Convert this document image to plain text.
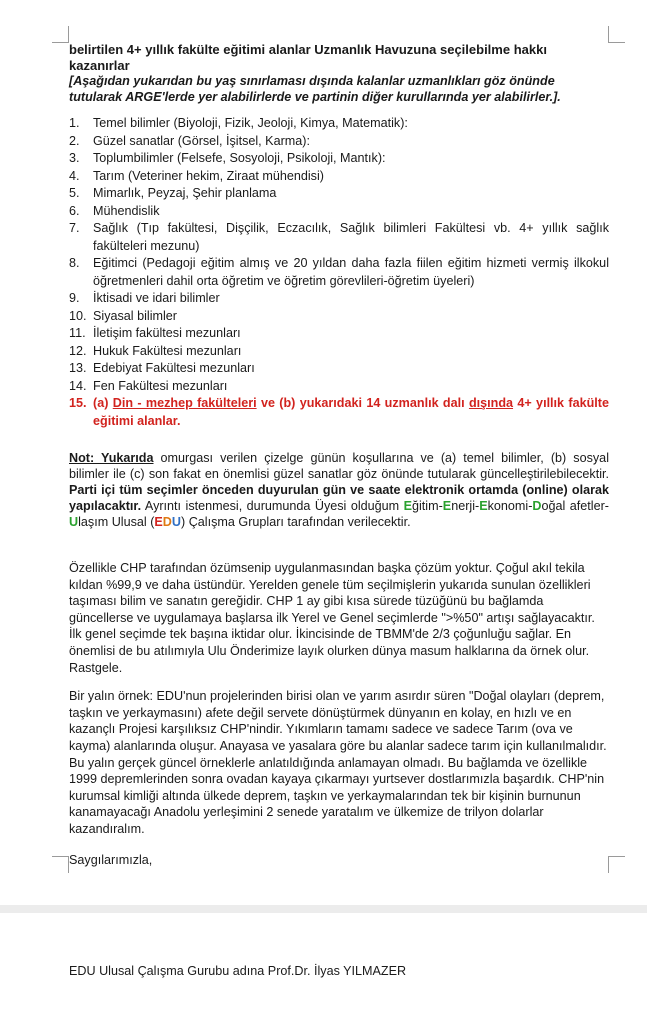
belirtilen 4+ yıllık fakülte eğitimi alanlar Uzmanlık Havuzuna seçilebilme hakkı kazanırlar

[Aşağıdan yukarıdan bu yaş sınırlaması dışında kalanlar uzmanlıkları göz önünde tutularak ARGE'lerde yer alabilirlerde ve partinin diğer kurullarında yer alabilirler.].

1. Temel bilimler (Biyoloji, Fizik, Jeoloji, Kimya, Matematik):
2. Güzel sanatlar (Görsel, İşitsel, Karma):
3. Toplumbilimler (Felsefe, Sosyoloji, Psikoloji, Mantık):
4. Tarım (Veteriner hekim, Ziraat mühendisi)
5. Mimarlık, Peyzaj, Şehir planlama
6. Mühendislik
7. Sağlık (Tıp fakültesi, Dişçilik, Eczacılık, Sağlık bilimleri Fakültesi vb. 4+ yıllık sağlık fakülteleri mezunu)
8. Eğitimci (Pedagoji eğitim almış ve 20 yıldan daha fazla fiilen eğitim hizmeti vermiş ilkokul öğretmenleri dahil orta öğretim ve öğretim görevlileri-öğretim üyeleri)
9. İktisadi ve idari bilimler
10. Siyasal bilimler
11. İletişim fakültesi mezunları
12. Hukuk Fakültesi mezunları
13. Edebiyat Fakültesi mezunları
14. Fen Fakültesi mezunları
15. (a) Din - mezhep fakülteleri ve (b) yukarıdaki 14 uzmanlık dalı dışında 4+ yıllık fakülte eğitimi alanlar.

Not: Yukarıda omurgası verilen çizelge günün koşullarına ve (a) temel bilimler, (b) sosyal bilimler ile (c) son fakat en önemlisi güzel sanatlar göz önünde tutularak güncelleştirilebilecektir. Parti içi tüm seçimler önceden duyurulan gün ve saate elektronik ortamda (online) olarak yapılacaktır. Ayrıntı istenmesi, durumunda Üyesi olduğum Eğitim-Enerji-Ekonomi-Doğal afetler-Ulaşım Ulusal (EDU) Çalışma Grupları tarafından verilecektir.

Özellikle CHP tarafından özümsenip uygulanmasından başka çözüm yoktur. Çoğul akıl tekila kıldan %99,9 ve daha üstündür. Yerelden genele tüm seçilmişlerin yukarıda sunulan özellikleri taşıması bilim ve sanatın gereğidir. CHP 1 ay gibi kısa sürede tüzüğünü bu bağlamda güncellerse ve uygulamaya başlarsa ilk Yerel ve Genel seçimlerde ">%50" artışı sağlayacaktır. İlk genel seçimde tek başına iktidar olur. İkincisinde de TBMM'de 2/3 çoğunluğu sağlar. En önemlisi de bu atılımıyla Ulu Önderimize layık olurken dünya masum halklarına da örnek olur. Rastgele.

Bir yalın örnek: EDU'nun projelerinden birisi olan ve yarım asırdır süren "Doğal olayları (deprem, taşkın ve yerkaymasını) afete değil servete dönüştürmek dünyanın en kolay, en hızlı ve en kazançlı Projesi karşılıksız CHP'nindir. Yıkımların tamamı sadece ve sadece Tarım (ova ve kayma) alanlarında oluşur. Anayasa ve yasalara göre bu alanlar sadece tarım için kullanılmalıdır. Bu yalın gerçek güncel örneklerle anlatıldığında anlamayan olmadı. Bu bağlamda ve özellikle 1999 depremlerinden sonra ovadan kayaya çıkarmayı yurtsever dostlarımızla başardık. CHP'nin kurumsal kimliği altında ülkede deprem, taşkın ve yerkaymalarından tek bir kişinin burnunun kanamayacağı Anadolu yerleşimini 2 senede yaratalım ve ülkemize de trilyon dolarlar kazandıralım.

Saygılarımızla,

EDU Ulusal Çalışma Gurubu adına Prof.Dr. İlyas YILMAZER
